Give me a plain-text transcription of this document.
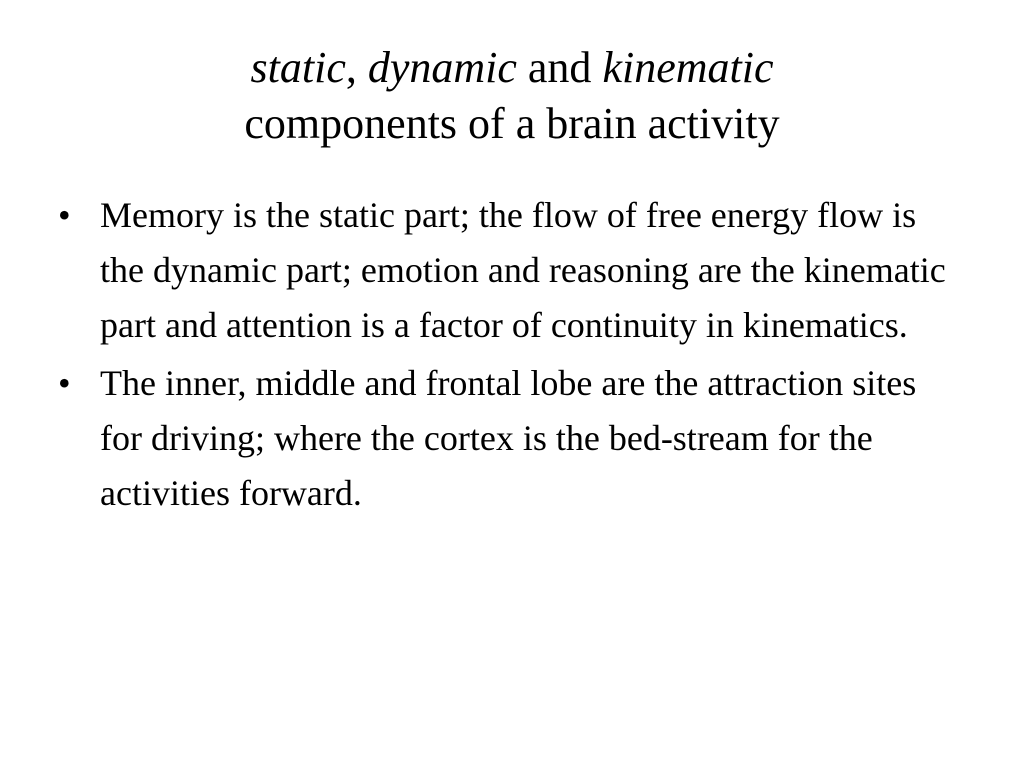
static, dynamic and kinematic
components of a brain activity
• Memory is the static part; the flow of free energy flow is the dynamic part; emotion and reasoning are the kinematic part and attention is a factor of continuity in kinematics.
• The inner, middle and frontal lobe are the attraction sites for driving; where the cortex is the bed-stream for the activities forward.
